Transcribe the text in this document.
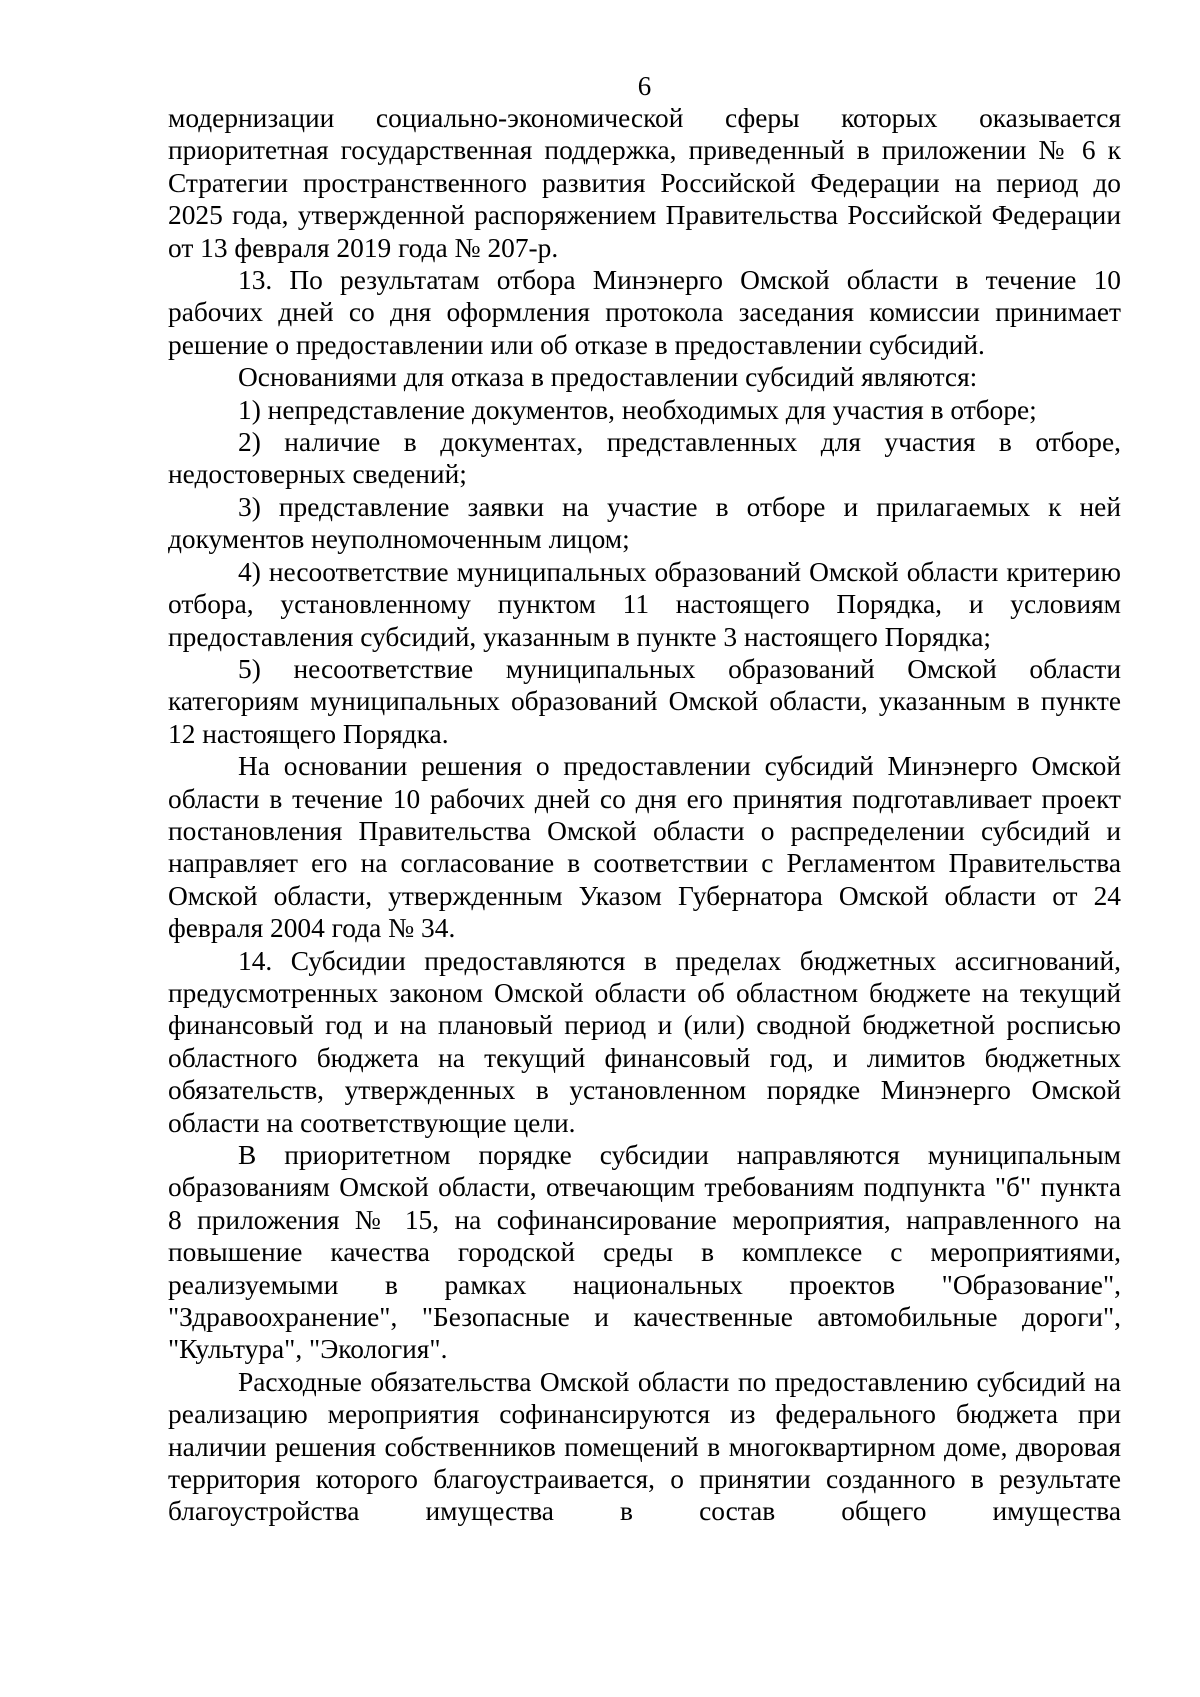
6

модернизации социально-экономической сферы которых оказывается приоритетная государственная поддержка, приведенный в приложении № 6 к Стратегии пространственного развития Российской Федерации на период до 2025 года, утвержденной распоряжением Правительства Российской Федерации от 13 февраля 2019 года № 207-р.

13. По результатам отбора Минэнерго Омской области в течение 10 рабочих дней со дня оформления протокола заседания комиссии принимает решение о предоставлении или об отказе в предоставлении субсидий.

Основаниями для отказа в предоставлении субсидий являются:

1) непредставление документов, необходимых для участия в отборе;

2) наличие в документах, представленных для участия в отборе, недостоверных сведений;

3) представление заявки на участие в отборе и прилагаемых к ней документов неуполномоченным лицом;

4) несоответствие муниципальных образований Омской области критерию отбора, установленному пунктом 11 настоящего Порядка, и условиям предоставления субсидий, указанным в пункте 3 настоящего Порядка;

5) несоответствие муниципальных образований Омской области категориям муниципальных образований Омской области, указанным в пункте 12 настоящего Порядка.

На основании решения о предоставлении субсидий Минэнерго Омской области в течение 10 рабочих дней со дня его принятия подготавливает проект постановления Правительства Омской области о распределении субсидий и направляет его на согласование в соответствии с Регламентом Правительства Омской области, утвержденным Указом Губернатора Омской области от 24 февраля 2004 года № 34.

14. Субсидии предоставляются в пределах бюджетных ассигнований, предусмотренных законом Омской области об областном бюджете на текущий финансовый год и на плановый период и (или) сводной бюджетной росписью областного бюджета на текущий финансовый год, и лимитов бюджетных обязательств, утвержденных в установленном порядке Минэнерго Омской области на соответствующие цели.

В приоритетном порядке субсидии направляются муниципальным образованиям Омской области, отвечающим требованиям подпункта "б" пункта 8 приложения № 15, на софинансирование мероприятия, направленного на повышение качества городской среды в комплексе с мероприятиями, реализуемыми в рамках национальных проектов "Образование", "Здравоохранение", "Безопасные и качественные автомобильные дороги", "Культура", "Экология".

Расходные обязательства Омской области по предоставлению субсидий на реализацию мероприятия софинансируются из федерального бюджета при наличии решения собственников помещений в многоквартирном доме, дворовая территория которого благоустраивается, о принятии созданного в результате благоустройства имущества в состав общего имущества
